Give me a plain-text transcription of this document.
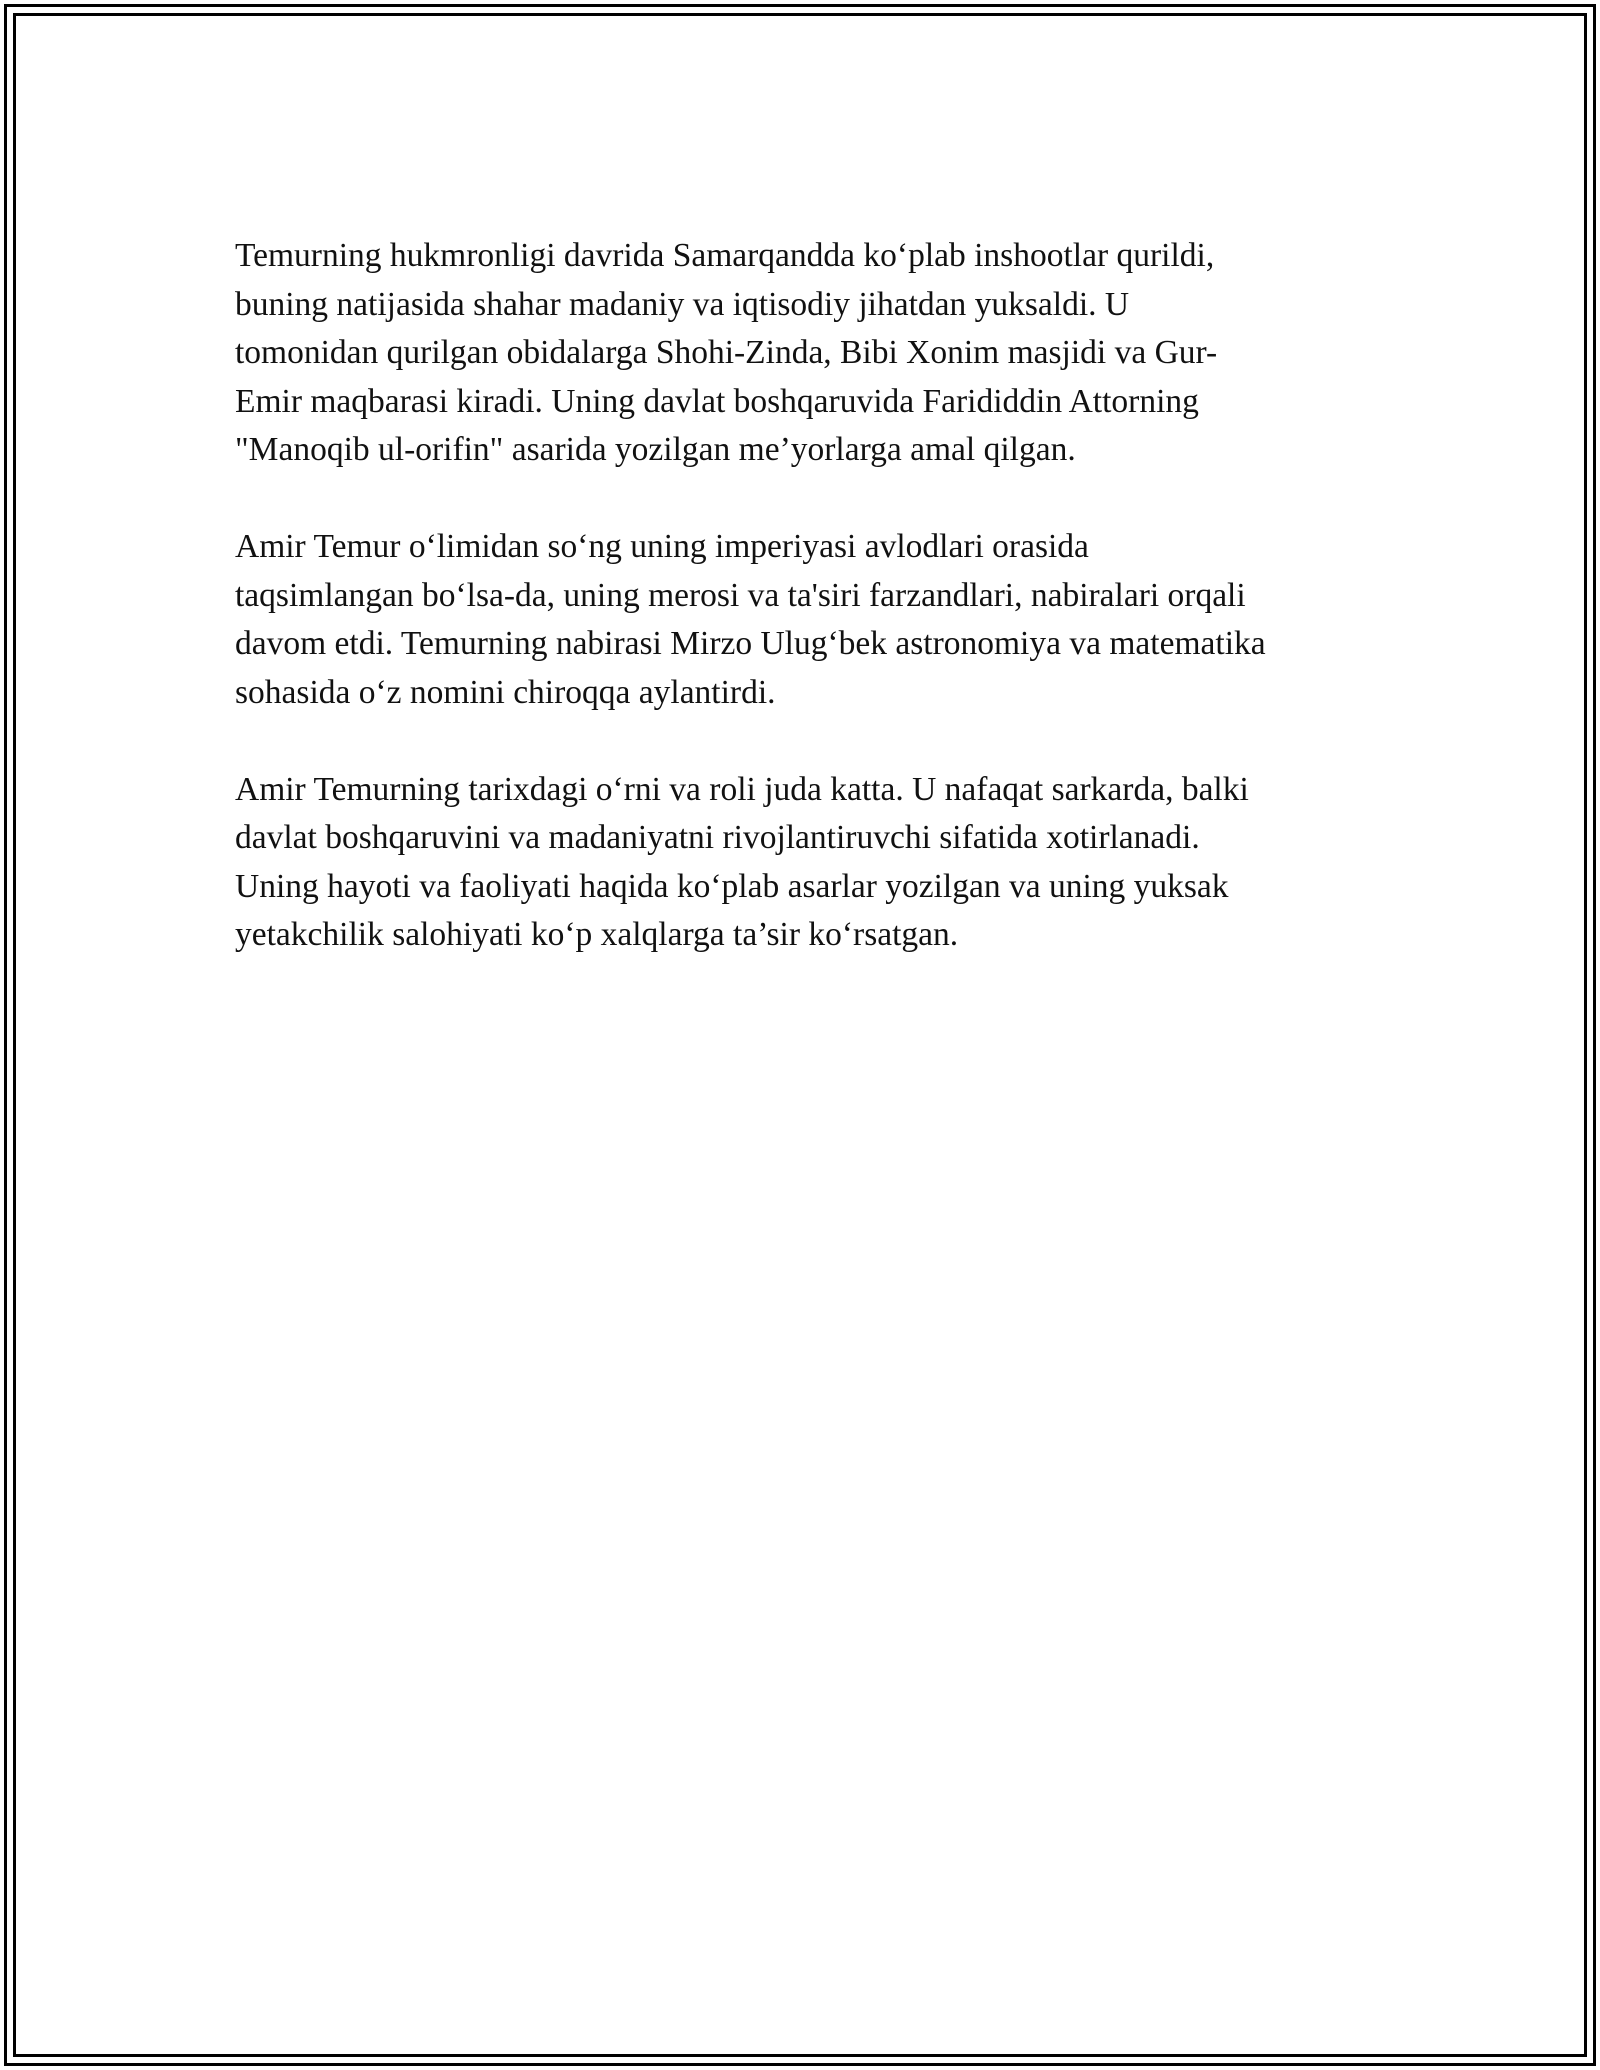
Temurning hukmronligi davrida Samarqandda ko‘plab inshootlar qurildi,
buning natijasida shahar madaniy va iqtisodiy jihatdan yuksaldi. U
tomonidan qurilgan obidalarga Shohi-Zinda, Bibi Xonim masjidi va Gur-
Emir maqbarasi kiradi. Uning davlat boshqaruvida Farididdin Attorning
"Manoqib ul-orifin" asarida yozilgan me’yorlarga amal qilgan.

Amir Temur o‘limidan so‘ng uning imperiyasi avlodlari orasida
taqsimlangan bo‘lsa-da, uning merosi va ta'siri farzandlari, nabiralari orqali
davom etdi. Temurning nabirasi Mirzo Ulug‘bek astronomiya va matematika
sohasida o‘z nomini chiroqqa aylantirdi.

Amir Temurning tarixdagi o‘rni va roli juda katta. U nafaqat sarkarda, balki
davlat boshqaruvini va madaniyatni rivojlantiruvchi sifatida xotirlanadi.
Uning hayoti va faoliyati haqida ko‘plab asarlar yozilgan va uning yuksak
yetakchilik salohiyati ko‘p xalqlarga ta’sir ko‘rsatgan.
